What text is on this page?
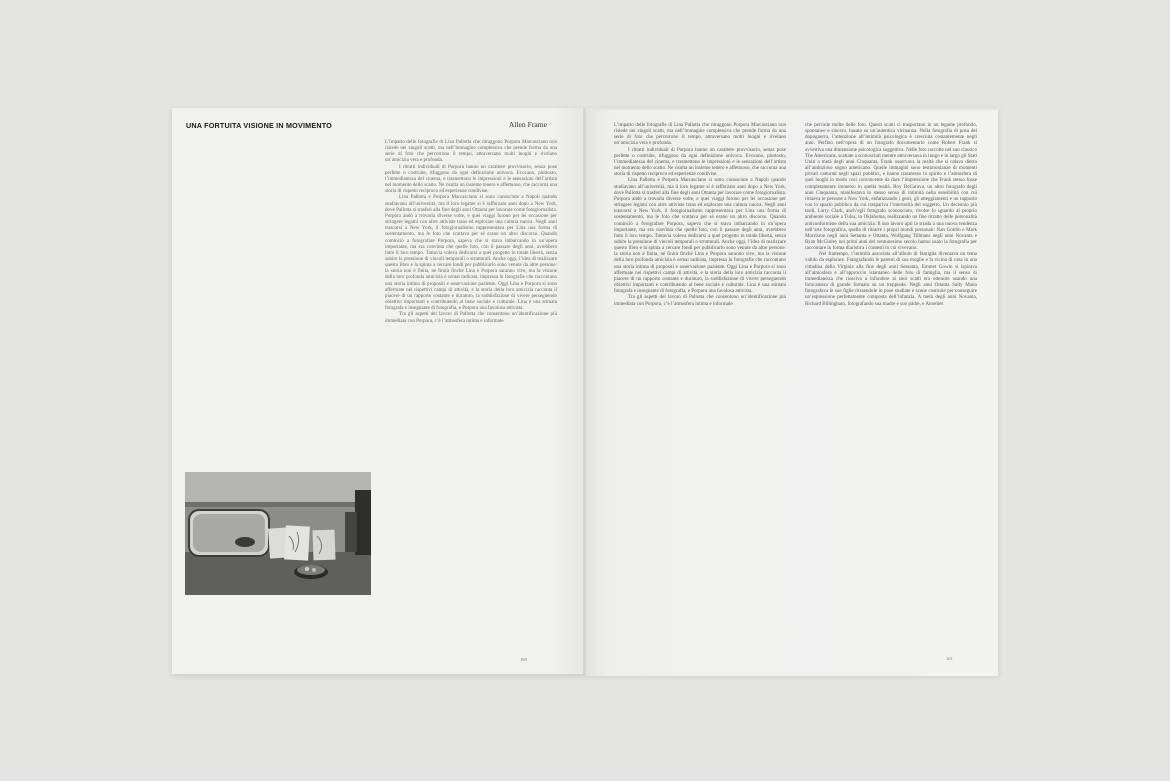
UNA FORTUITA VISIONE IN MOVIMENTO	Allen Frame

L’impatto delle fotografie di Lina Pallotta che ritraggono Porpora Marcasciano non risiede nei singoli scatti, ma nell’immagine complessiva che prende forma da una serie di foto che percorrono il tempo, attraversano molti luoghi e rivelano un’amicizia vera e profonda.

I ritratti individuali di Porpora hanno un carattere provvisorio, senza pose perfette o costruite, rifuggono da ogni definizione univoca. Evocano, piuttosto, l’immediatezza del cinema, e trasmettono le impressioni e le sensazioni dell’artista nel momento dello scatto. Ne risulta un insieme tenero e affettuoso, che racconta una storia di rispetto reciproco ed esperienze condivise.

Lina Pallotta e Porpora Marcasciano si sono conosciute a Napoli quando studiavano all’università, ma il loro legame si è rafforzato anni dopo a New York, dove Pallotta si trasferì alla fine degli anni Ottanta per lavorare come fotogiornalista. Porpora andò a trovarla diverse volte, e quei viaggi furono per lei occasione per stringere legami con altre attiviste trans ed esplorare una cultura nuova. Negli anni trascorsi a New York, il fotogiornalismo rappresentava per Lina una forma di sostentamento, ma le foto che scattava per sé erano un altro discorso. Quando cominciò a fotografare Porpora, sapeva che si stava imbarcando in un’opera importante, ma era convinta che quelle foto, con il passare degli anni, avrebbero fatto il loro tempo. Tuttavia voleva dedicarsi a quel progetto in totale libertà, senza subire la pressione di vincoli temporali o strutturali. Anche oggi, l’idea di realizzare questo libro e la spinta a cercare fondi per pubblicarlo sono venute da altre persone: la storia non è finita, né finirà finché Lina e Porpora saranno vive, ma la visione della loro profonda amicizia è ormai radicata, impressa in fotografie che raccontano una storia intima di propositi e osservazione paziente. Oggi Lina e Porpora si sono affermate nei rispettivi campi di attività, e la storia della loro amicizia racconta il piacere di un rapporto costante e duraturo, la soddisfazione di vivere perseguendo obiettivi importanti e contribuendo al bene sociale e culturale. Lina è una stimata fotografa e insegnante di fotografia, e Porpora una favolosa attivista.

Tra gli aspetti del lavoro di Pallotta che consentono un’identificazione più immediata con Porpora, c’è l’atmosfera intima e informale

160

L’impatto delle fotografie di Lina Pallotta che ritraggono Porpora Marcasciano non risiede nei singoli scatti, ma nell’immagine complessiva che prende forma da una serie di foto che percorrono il tempo, attraversano molti luoghi e rivelano un’amicizia vera e profonda.

I ritratti individuali di Porpora hanno un carattere provvisorio, senza pose perfette o costruite, rifuggono da ogni definizione univoca. Evocano, piuttosto, l’immediatezza del cinema, e trasmettono le impressioni e le sensazioni dell’artista nel momento dello scatto. Ne risulta un insieme tenero e affettuoso, che racconta una storia di rispetto reciproco ed esperienze condivise.

Lina Pallotta e Porpora Marcasciano si sono conosciute a Napoli quando studiavano all’università, ma il loro legame si è rafforzato anni dopo a New York, dove Pallotta si trasferì alla fine degli anni Ottanta per lavorare come fotogiornalista. Porpora andò a trovarla diverse volte, e quei viaggi furono per lei occasione per stringere legami con altre attiviste trans ed esplorare una cultura nuova. Negli anni trascorsi a New York, il fotogiornalismo rappresentava per Lina una forma di sostentamento, ma le foto che scattava per sé erano un altro discorso. Quando cominciò a fotografare Porpora, sapeva che si stava imbarcando in un’opera importante, ma era convinta che quelle foto, con il passare degli anni, avrebbero fatto il loro tempo. Tuttavia voleva dedicarsi a quel progetto in totale libertà, senza subire la pressione di vincoli temporali o strutturali. Anche oggi, l’idea di realizzare questo libro e la spinta a cercare fondi per pubblicarlo sono venute da altre persone: la storia non è finita, né finirà finché Lina e Porpora saranno vive, ma la visione della loro profonda amicizia è ormai radicata, impressa in fotografie che raccontano una storia intima di propositi e osservazione paziente. Oggi Lina e Porpora si sono affermate nei rispettivi campi di attività, e la storia della loro amicizia racconta il piacere di un rapporto costante e duraturo, la soddisfazione di vivere perseguendo obiettivi importanti e contribuendo al bene sociale e culturale. Lina è una stimata fotografa e insegnante di fotografia, e Porpora una favolosa attivista.

Tra gli aspetti del lavoro di Pallotta che consentono un’identificazione più immediata con Porpora, c’è l’atmosfera intima e informale

che pervade molte delle foto. Questi scatti ci trasportano in un legame profondo, spontaneo e sincero, basato su un’autentica vicinanza. Nella fotografia di posa del dopoguerra, l’attenzione all’intimità psicologica è cresciuta costantemente negli anni. Perfino nell’opera di un fotografo documentario come Robert Frank si avvertiva una dimensione psicologica soggettiva. Nelle foto raccolte nel suo classico The Americans, scattate a sconosciuti mentre attraversava in lungo e in largo gli Stati Uniti a metà degli anni Cinquanta, Frank osservava la realtà che si celava dietro all’ambizioso sogno americano. Quelle immagini sono testimonianze di momenti privati catturati negli spazi pubblici, e hanno trasmesso lo spirito e l’atmosfera di quei luoghi in modo così convincente da dare l’impressione che Frank stesso fosse completamente immerso in quella realtà. Roy DeCarava, un altro fotografo degli anni Cinquanta, manifestava lo stesso senso di intimità nella sensibilità con cui ritraeva le persone a New York, enfatizzando i gesti, gli atteggiamenti e un rapporto con lo spazio pubblico da cui traspariva l’interiorità del soggetto. Un decennio più tardi, Larry Clark, anch’egli fotografo sconosciuto, rivolse lo sguardo al proprio ambiente sociale a Tulsa, in Oklahoma, realizzando un fine ritratto delle personalità anticonformiste della sua amicizia. Il suo lavoro aprì la strada a una nuova tendenza nell’arte fotografica, quella di ritrarre i propri mondi personali: Nan Goldin e Mark Morrisroe negli anni Settanta e Ottanta, Wolfgang Tillmans negli anni Novanta e Ryan McGinley nei primi anni del ventunesimo secolo hanno usato la fotografia per raccontare in forma diaristica i contesti in cui vivevano.

Nel frattempo, l’intimità associata all’album di famiglia diventava un tema valido da esplorare. Fotografando le parenti di sua moglie e la vicina di casa in una cittadina della Virginia alla fine degli anni Sessanta, Emmet Gowin si ispirava all’atmosfera e all’approccio istantaneo delle foto di famiglia, ma il senso di immediatezza che riusciva a infondere ai suoi scatti era ottenuto usando una fotocamera di grande formato su un treppiede. Negli anni Ottanta Sally Mann fotografava le sue figlie ritraendole in pose studiate e scene costruite per conseguire un’espressione perfettamente composta dell’infanzia. A metà degli anni Novanta, Richard Billingham, fotografando sua madre e suo padre, e Annelies

161
